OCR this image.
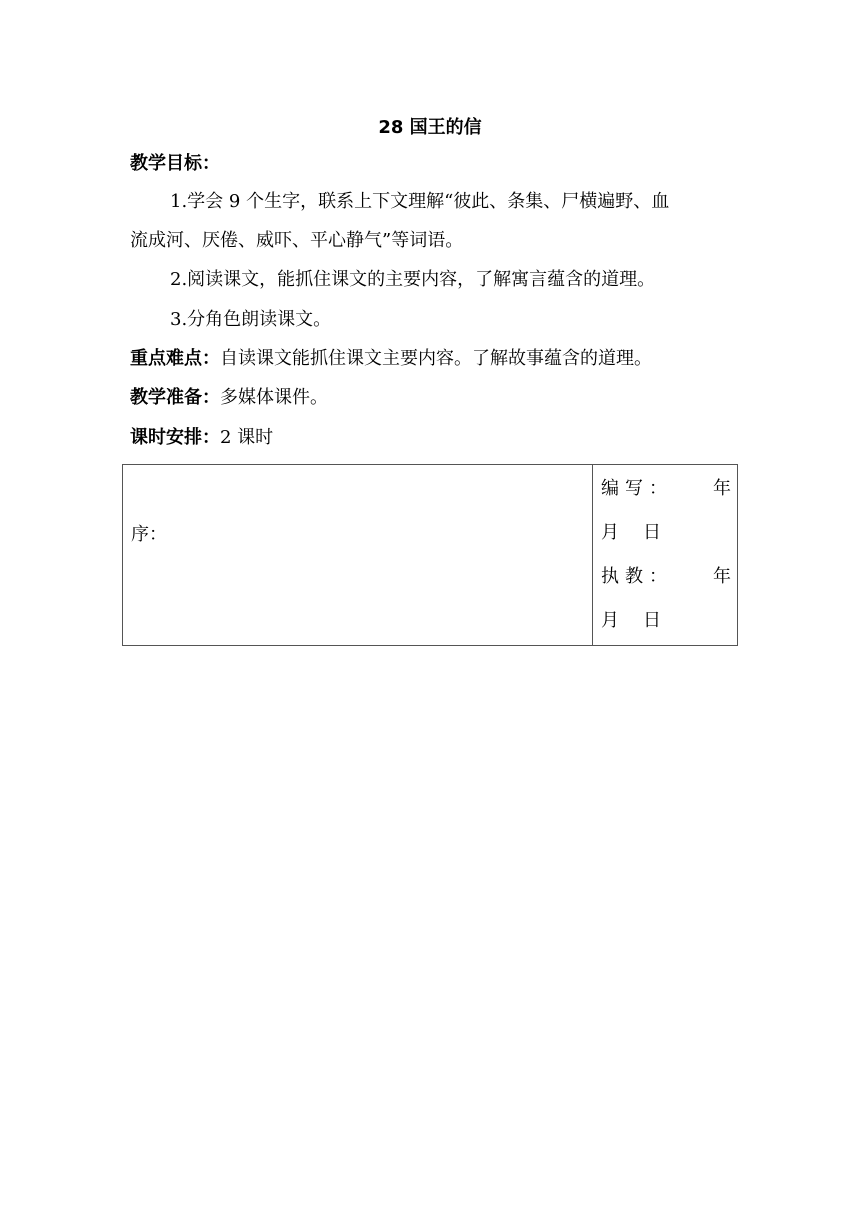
28 国王的信
教学目标：
1.学会 9 个生字，联系上下文理解“彼此、条集、尸横遍野、血
流成河、厌倦、威吓、平心静气”等词语。
2.阅读课文，能抓住课文的主要内容，了解寓言蕴含的道理。
3.分角色朗读课文。
重点难点：自读课文能抓住课文主要内容。了解故事蕴含的道理。
教学准备：多媒体课件。
课时安排：2 课时
序：
编写： 年
月 日
执教： 年
月 日
